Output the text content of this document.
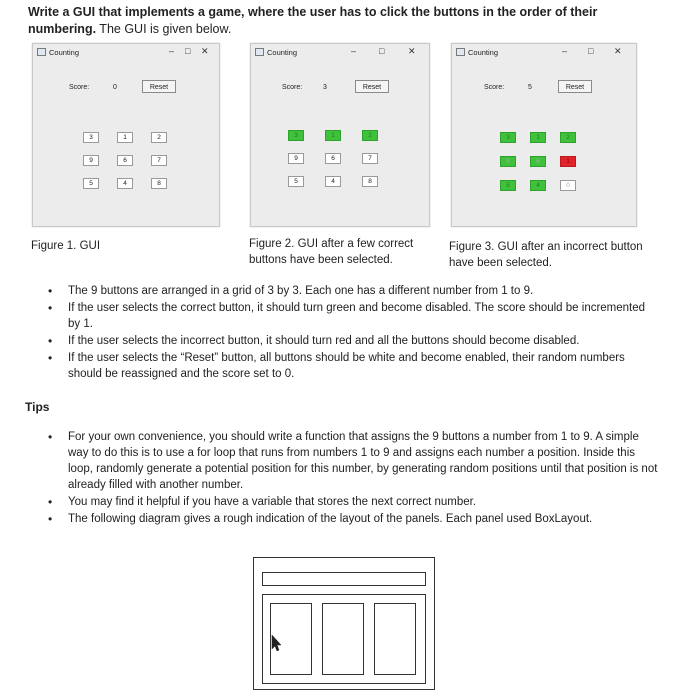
Write a GUI that implements a game, where the user has to click the buttons in the order of their numbering. The GUI is given below.
Counting	– □ ✕
Score:	0	Reset
3	1	2
9	6	7
5	4	8
Counting	–	□	✕
Score:	3	Reset
3	1	2
9	6	7
5	4	8
Counting	– □ ✕
Score:	5	Reset
3	1	2
9	6	1
5	4	0
Figure 1. GUI	Figure 2. GUI after a few correct
buttons have been selected.
Figure 3. GUI after an incorrect button
have been selected.
• The 9 buttons are arranged in a grid of 3 by 3. Each one has a different number from 1 to 9.
• If the user selects the correct button, it should turn green and become disabled. The score should be incremented by 1.
• If the user selects the incorrect button, it should turn red and all the buttons should become disabled.
• If the user selects the “Reset” button, all buttons should be white and become enabled, their random numbers should be reassigned and the score set to 0.
Tips
• For your own convenience, you should write a function that assigns the 9 buttons a number from 1 to 9. A simple way to do this is to use a for loop that runs from numbers 1 to 9 and assigns each number a position. Inside this loop, randomly generate a potential position for this number, by generating random positions until that position is not already filled with another number.
• You may find it helpful if you have a variable that stores the next correct number.
• The following diagram gives a rough indication of the layout of the panels. Each panel used BoxLayout.
